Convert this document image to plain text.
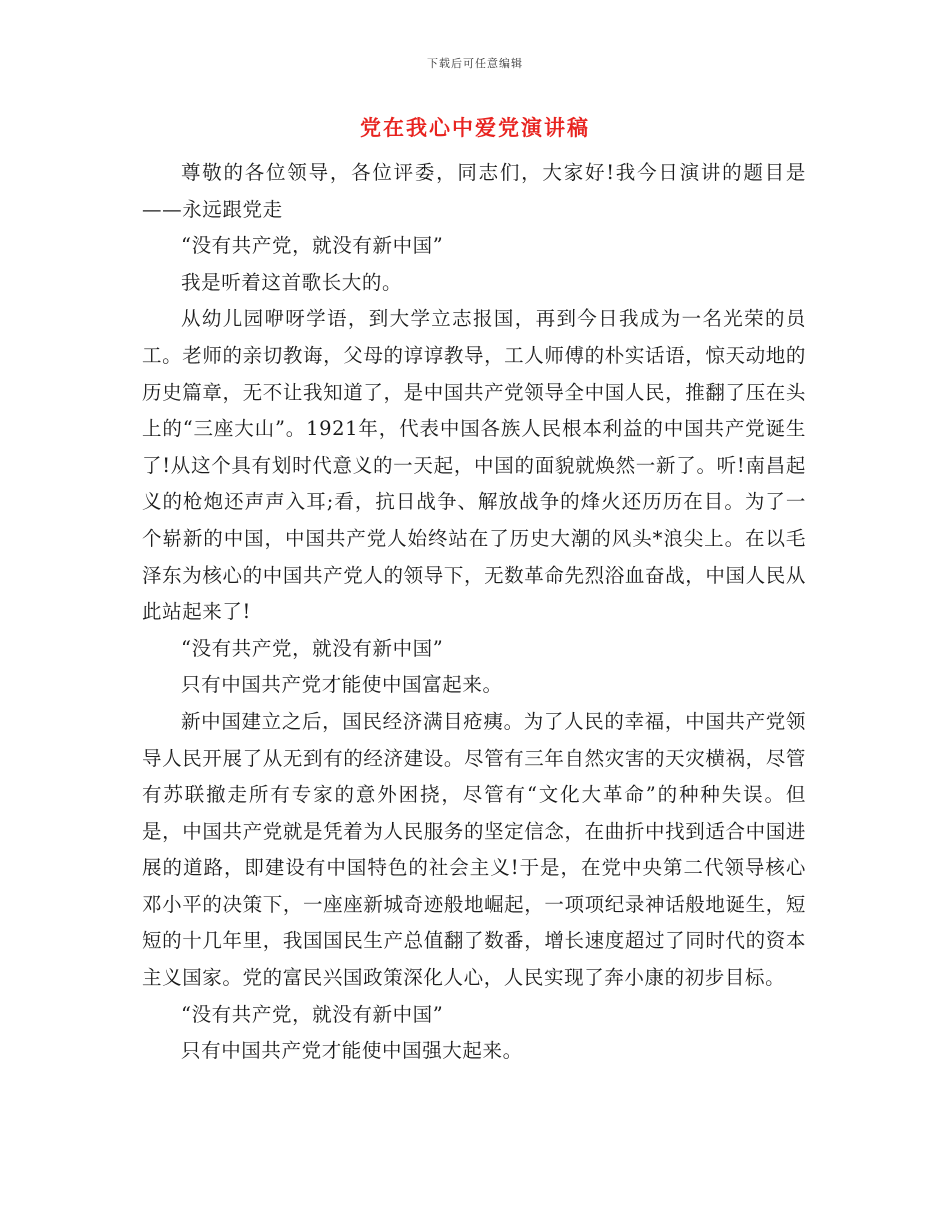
下载后可任意编辑
党在我心中爱党演讲稿

尊敬的各位领导，各位评委，同志们，大家好!我今日演讲的题目是——永远跟党走

“没有共产党，就没有新中国”

我是听着这首歌长大的。

从幼儿园咿呀学语，到大学立志报国，再到今日我成为一名光荣的员工。老师的亲切教诲，父母的谆谆教导，工人师傅的朴实话语，惊天动地的历史篇章，无不让我知道了，是中国共产党领导全中国人民，推翻了压在头上的“三座大山”。1921年，代表中国各族人民根本利益的中国共产党诞生了!从这个具有划时代意义的一天起，中国的面貌就焕然一新了。听!南昌起义的枪炮还声声入耳;看，抗日战争、解放战争的烽火还历历在目。为了一个崭新的中国，中国共产党人始终站在了历史大潮的风头*浪尖上。在以毛泽东为核心的中国共产党人的领导下，无数革命先烈浴血奋战，中国人民从此站起来了!

“没有共产党，就没有新中国”

只有中国共产党才能使中国富起来。

新中国建立之后，国民经济满目疮痍。为了人民的幸福，中国共产党领导人民开展了从无到有的经济建设。尽管有三年自然灾害的天灾横祸，尽管有苏联撤走所有专家的意外困挠，尽管有“文化大革命”的种种失误。但是，中国共产党就是凭着为人民服务的坚定信念，在曲折中找到适合中国进展的道路，即建设有中国特色的社会主义!于是，在党中央第二代领导核心邓小平的决策下，一座座新城奇迹般地崛起，一项项纪录神话般地诞生，短短的十几年里，我国国民生产总值翻了数番，增长速度超过了同时代的资本主义国家。党的富民兴国政策深化人心，人民实现了奔小康的初步目标。

“没有共产党，就没有新中国”

只有中国共产党才能使中国强大起来。
